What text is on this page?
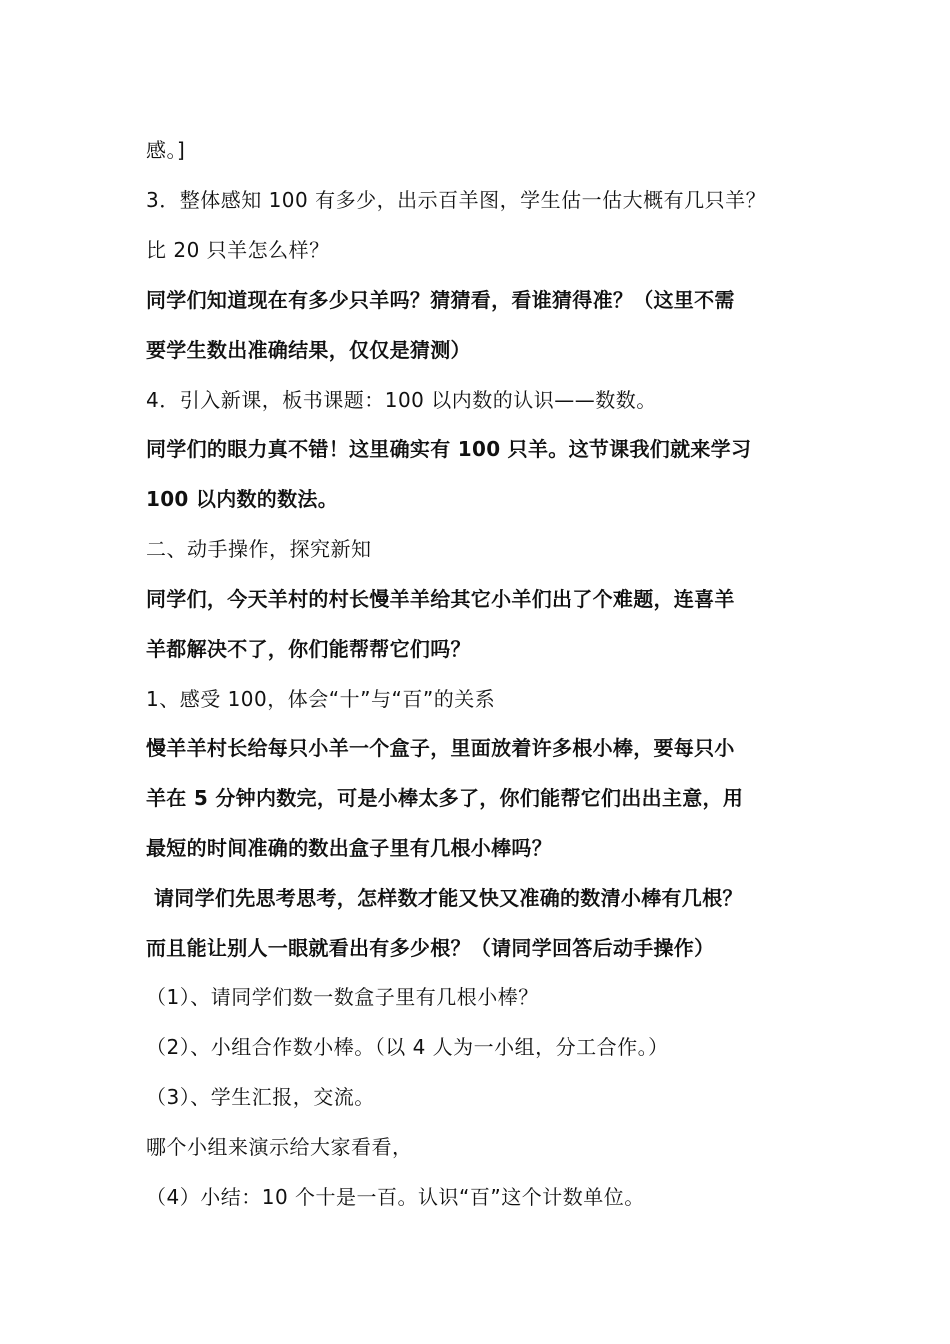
感。]
3．整体感知 100 有多少，出示百羊图，学生估一估大概有几只羊？
比 20 只羊怎么样？
同学们知道现在有多少只羊吗？猜猜看，看谁猜得准？（这里不需
要学生数出准确结果，仅仅是猜测）
4．引入新课，板书课题：100 以内数的认识——数数。
同学们的眼力真不错！这里确实有 100 只羊。这节课我们就来学习
100 以内数的数法。
二、动手操作，探究新知
同学们，今天羊村的村长慢羊羊给其它小羊们出了个难题，连喜羊
羊都解决不了，你们能帮帮它们吗？
1、感受 100，体会“十”与“百”的关系
慢羊羊村长给每只小羊一个盒子，里面放着许多根小棒，要每只小
羊在 5 分钟内数完，可是小棒太多了，你们能帮它们出出主意，用
最短的时间准确的数出盒子里有几根小棒吗？
请同学们先思考思考，怎样数才能又快又准确的数清小棒有几根？
而且能让别人一眼就看出有多少根？（请同学回答后动手操作）
（1）、请同学们数一数盒子里有几根小棒？
（2）、小组合作数小棒。（以 4 人为一小组，分工合作。）
（3）、学生汇报，交流。
哪个小组来演示给大家看看，
（4）小结：10 个十是一百。认识“百”这个计数单位。
